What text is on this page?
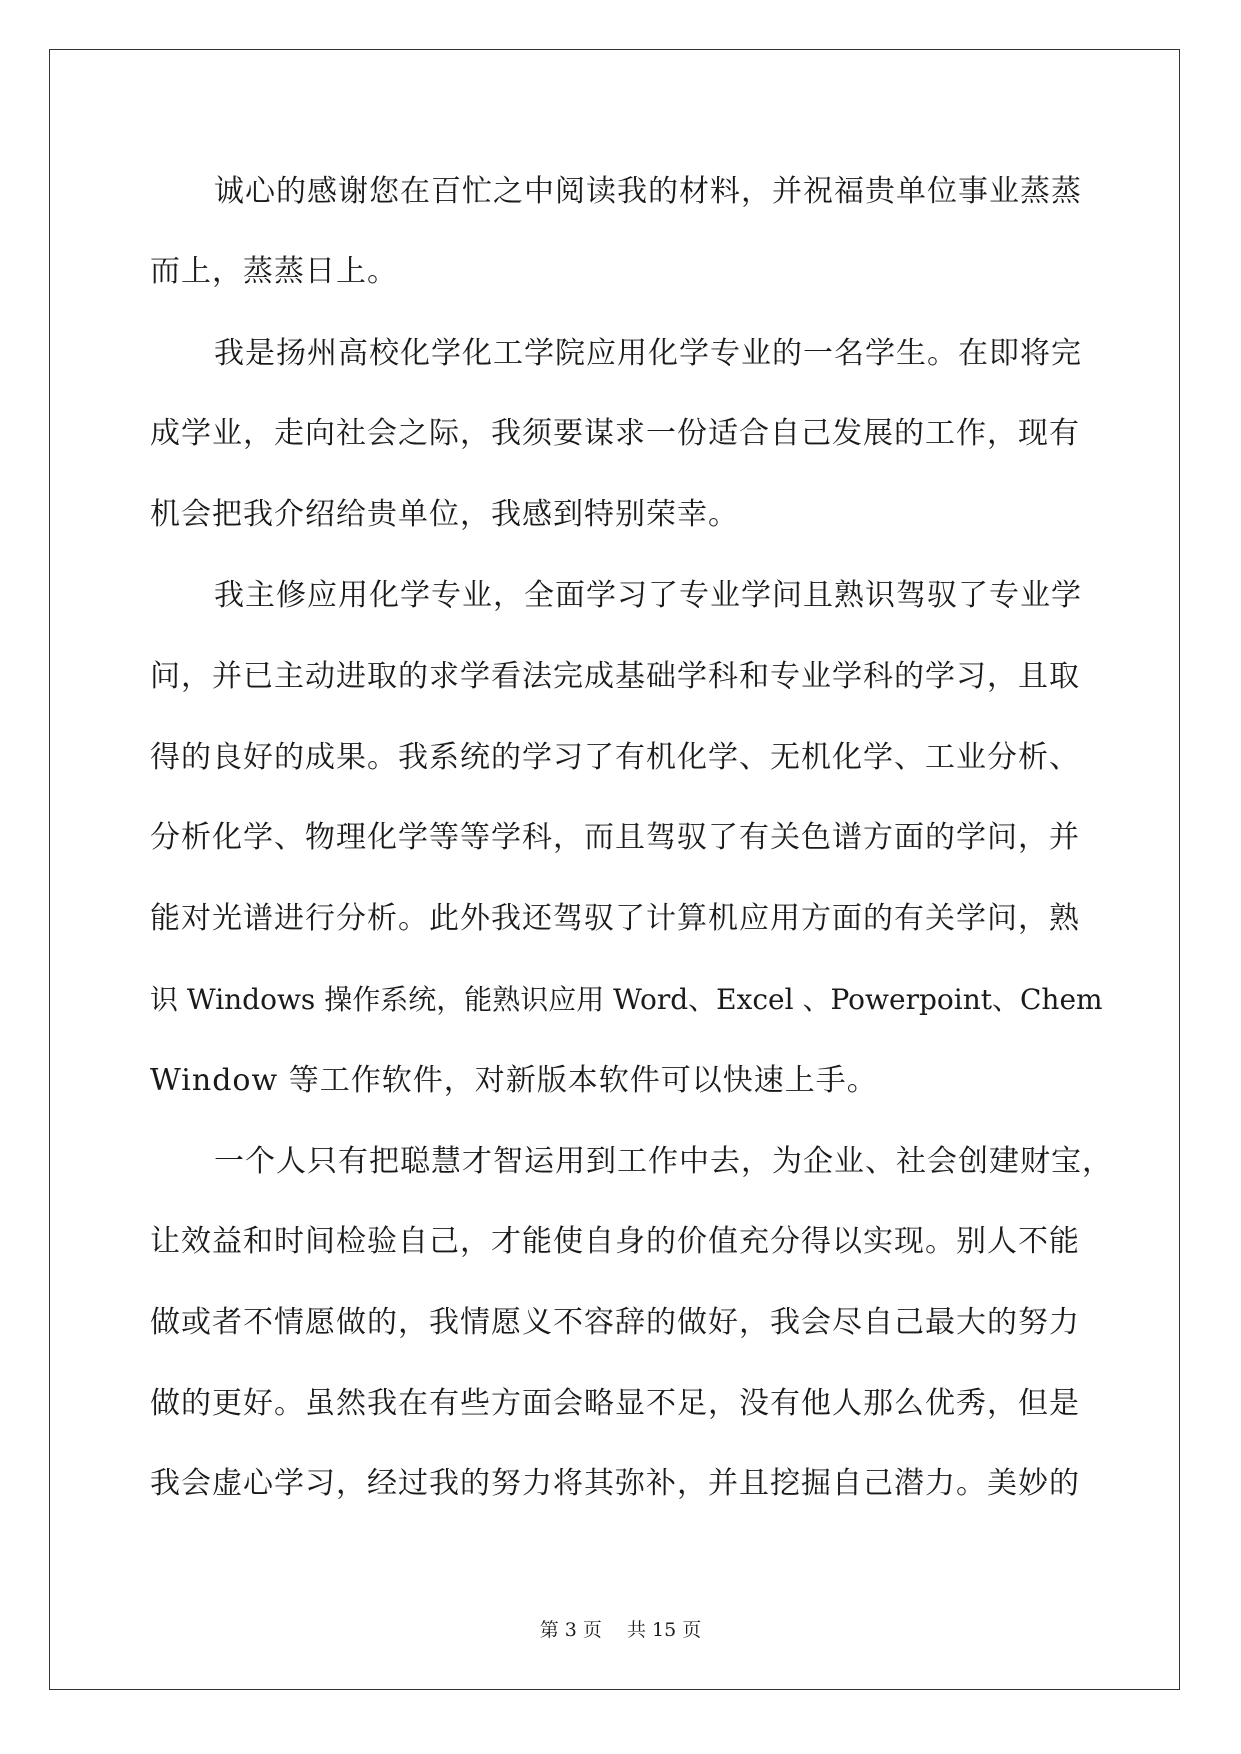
诚心的感谢您在百忙之中阅读我的材料，并祝福贵单位事业蒸蒸

而上，蒸蒸日上。

我是扬州高校化学化工学院应用化学专业的一名学生。在即将完

成学业，走向社会之际，我须要谋求一份适合自己发展的工作，现有

机会把我介绍给贵单位，我感到特别荣幸。

我主修应用化学专业，全面学习了专业学问且熟识驾驭了专业学

问，并已主动进取的求学看法完成基础学科和专业学科的学习，且取

得的良好的成果。我系统的学习了有机化学、无机化学、工业分析、

分析化学、物理化学等等学科，而且驾驭了有关色谱方面的学问，并

能对光谱进行分析。此外我还驾驭了计算机应用方面的有关学问，熟

识 Windows 操作系统，能熟识应用 Word、Excel 、Powerpoint、Chem

Window 等工作软件，对新版本软件可以快速上手。

一个人只有把聪慧才智运用到工作中去，为企业、社会创建财宝，

让效益和时间检验自己，才能使自身的价值充分得以实现。别人不能

做或者不情愿做的，我情愿义不容辞的做好，我会尽自己最大的努力

做的更好。虽然我在有些方面会略显不足，没有他人那么优秀，但是

我会虚心学习，经过我的努力将其弥补，并且挖掘自己潜力。美妙的

第 3 页　 共 15 页
